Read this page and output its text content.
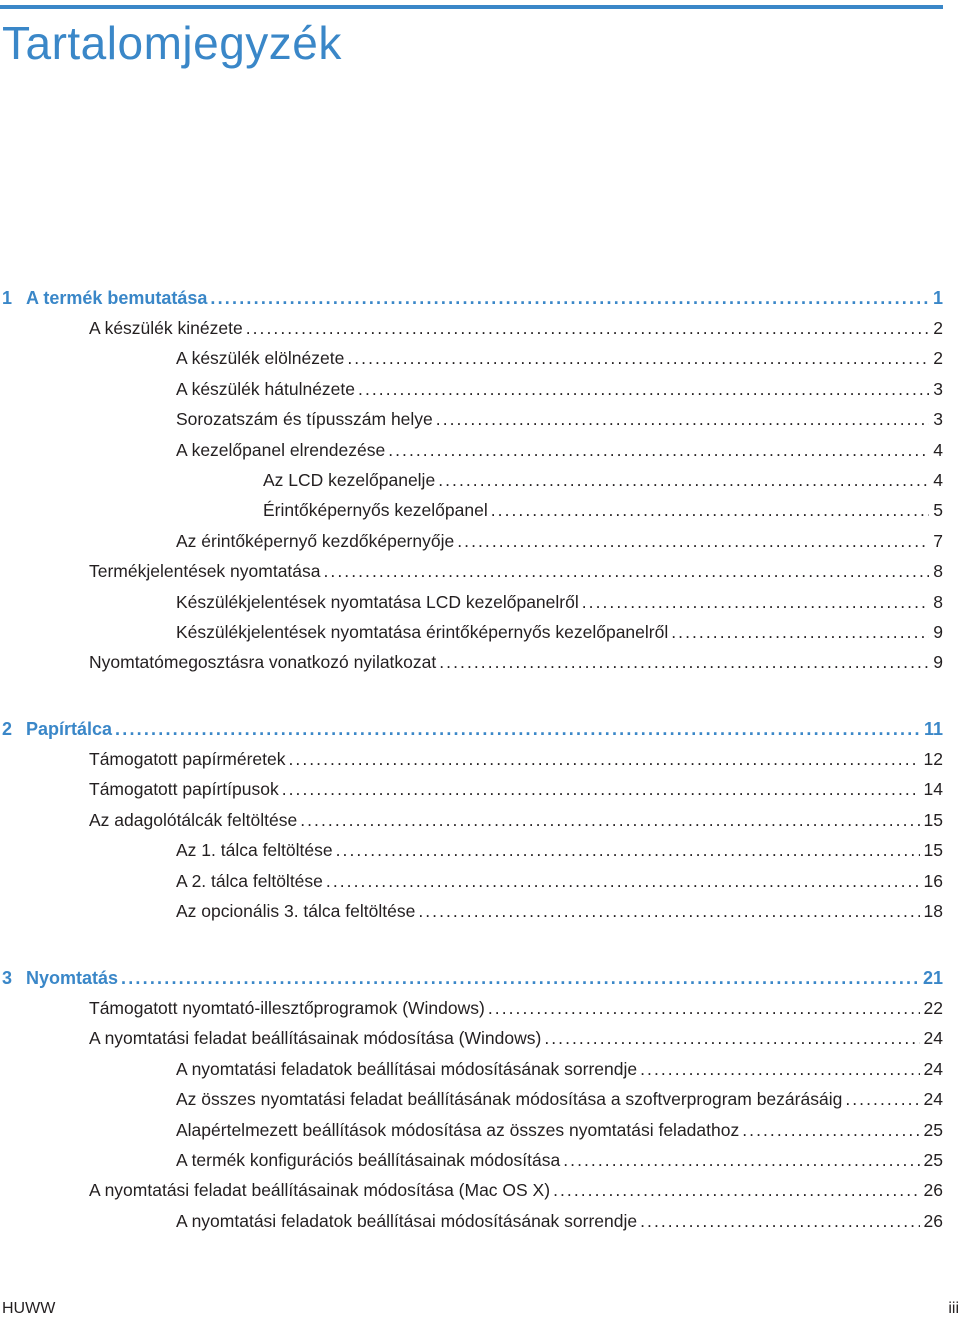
Tartalomjegyzék
1 A termék bemutatása . . .	1
A készülék kinézete . . .	2
A készülék elölnézete . . .	2
A készülék hátulnézete . . .	3
Sorozatszám és típusszám helye . . .	3
A kezelőpanel elrendezése . . .	4
Az LCD kezelőpanelje . . .	4
Érintőképernyős kezelőpanel . . .	5
Az érintőképernyő kezdőképernyője . . .	7
Termékjelentések nyomtatása . . .	8
Készülékjelentések nyomtatása LCD kezelőpanelről . . .	8
Készülékjelentések nyomtatása érintőképernyős kezelőpanelről . . .	9
Nyomtatómegosztásra vonatkozó nyilatkozat . . .	9
2 Papírtálca . . .	11
Támogatott papírméretek . . .	12
Támogatott papírtípusok . . .	14
Az adagolótálcák feltöltése . . .	15
Az 1. tálca feltöltése . . .	15
A 2. tálca feltöltése . . .	16
Az opcionális 3. tálca feltöltése . . .	18
3 Nyomtatás . . .	21
Támogatott nyomtató-illesztőprogramok (Windows) . . .	22
A nyomtatási feladat beállításainak módosítása (Windows) . . .	24
A nyomtatási feladatok beállításai módosításának sorrendje . . .	24
Az összes nyomtatási feladat beállításának módosítása a szoftverprogram bezárásáig . . .	24
Alapértelmezett beállítások módosítása az összes nyomtatási feladathoz . . .	25
A termék konfigurációs beállításainak módosítása . . .	25
A nyomtatási feladat beállításainak módosítása (Mac OS X) . . .	26
A nyomtatási feladatok beállításai módosításának sorrendje . . .	26
HUWW	iii
